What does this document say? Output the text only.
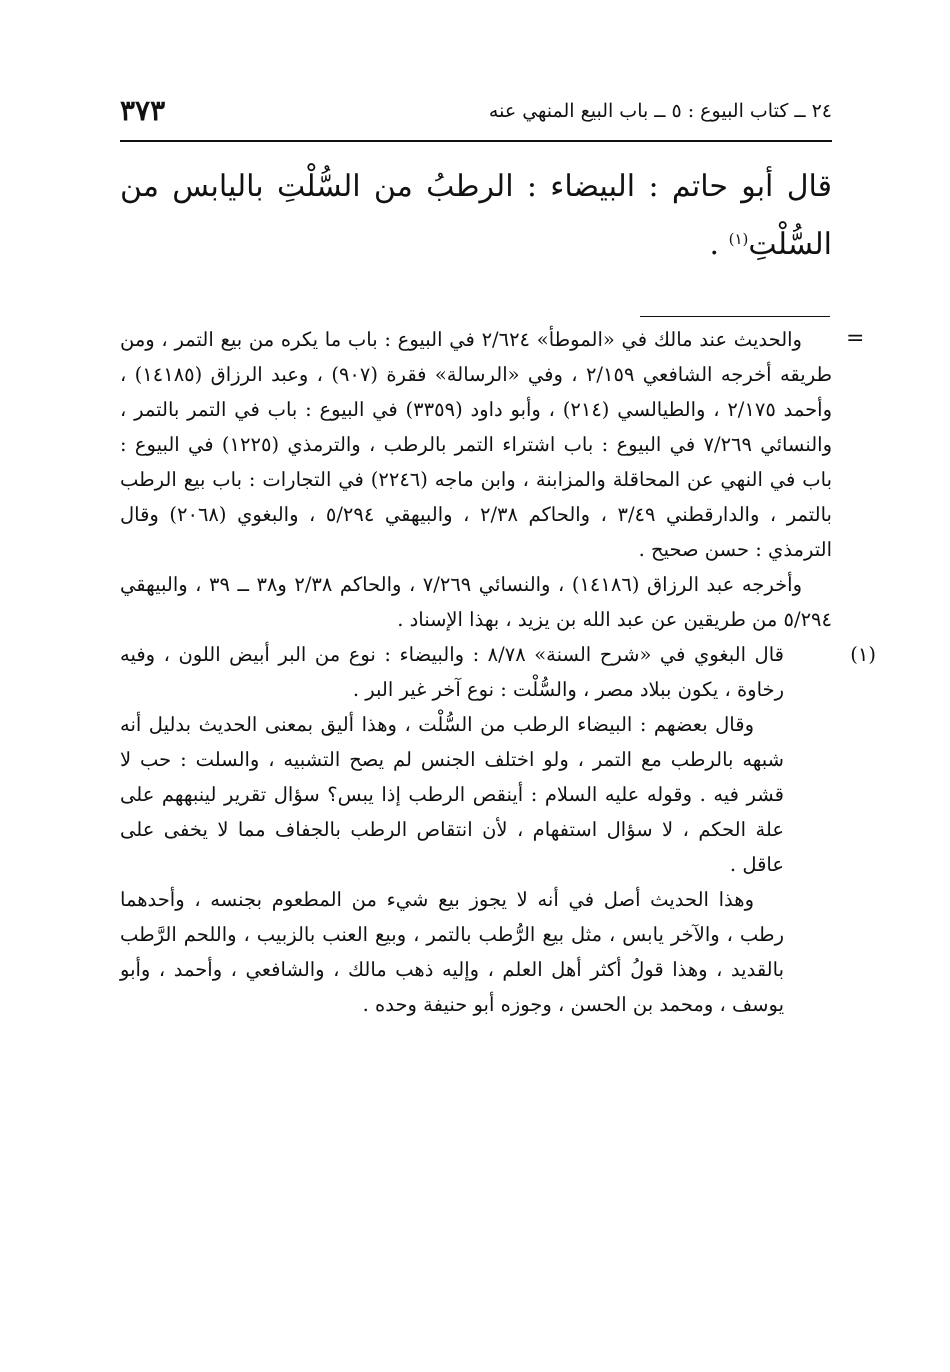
٣٧٣	٢٤ ــ كتاب البيوع : ٥ ــ باب البيع المنهي عنه
قال أبو حاتم : البيضاء : الرطبُ من السُّلْتِ باليابس من السُّلْتِ$^{(١)}$ .
=

والحديث عند مالك في «الموطأ» ٢/٦٢٤ في البيوع : باب ما يكره من بيع التمر ، ومن طريقه أخرجه الشافعي ٢/١٥٩ ، وفي «الرسالة» فقرة (٩٠٧) ، وعبد الرزاق (١٤١٨٥) ، وأحمد ٢/١٧٥ ، والطيالسي (٢١٤) ، وأبو داود (٣٣٥٩) في البيوع : باب في التمر بالتمر ، والنسائي ٧/٢٦٩ في البيوع : باب اشتراء التمر بالرطب ، والترمذي (١٢٢٥) في البيوع : باب في النهي عن المحاقلة والمزابنة ، وابن ماجه (٢٢٤٦) في التجارات : باب بيع الرطب بالتمر ، والدارقطني ٣/٤٩ ، والحاكم ٢/٣٨ ، والبيهقي ٥/٢٩٤ ، والبغوي (٢٠٦٨) وقال الترمذي : حسن صحيح .

وأخرجه عبد الرزاق (١٤١٨٦) ، والنسائي ٧/٢٦٩ ، والحاكم ٢/٣٨ و٣٨ ــ ٣٩ ، والبيهقي ٥/٢٩٤ من طريقين عن عبد الله بن يزيد ، بهذا الإسناد .

(١)

قال البغوي في «شرح السنة» ٨/٧٨ : والبيضاء : نوع من البر أبيض اللون ، وفيه رخاوة ، يكون ببلاد مصر ، والسُّلْت : نوع آخر غير البر .

وقال بعضهم : البيضاء الرطب من السُّلْت ، وهذا أليق بمعنى الحديث بدليل أنه شبهه بالرطب مع التمر ، ولو اختلف الجنس لم يصح التشبيه ، والسلت : حب لا قشر فيه . وقوله عليه السلام : أينقص الرطب إذا يبس؟ سؤال تقرير لينبههم على علة الحكم ، لا سؤال استفهام ، لأن انتقاص الرطب بالجفاف مما لا يخفى على عاقل .

وهذا الحديث أصل في أنه لا يجوز بيع شيء من المطعوم بجنسه ، وأحدهما رطب ، والآخر يابس ، مثل بيع الرُّطب بالتمر ، وبيع العنب بالزبيب ، واللحم الرَّطب بالقديد ، وهذا قولُ أكثر أهل العلم ، وإليه ذهب مالك ، والشافعي ، وأحمد ، وأبو يوسف ، ومحمد بن الحسن ، وجوزه أبو حنيفة وحده .
